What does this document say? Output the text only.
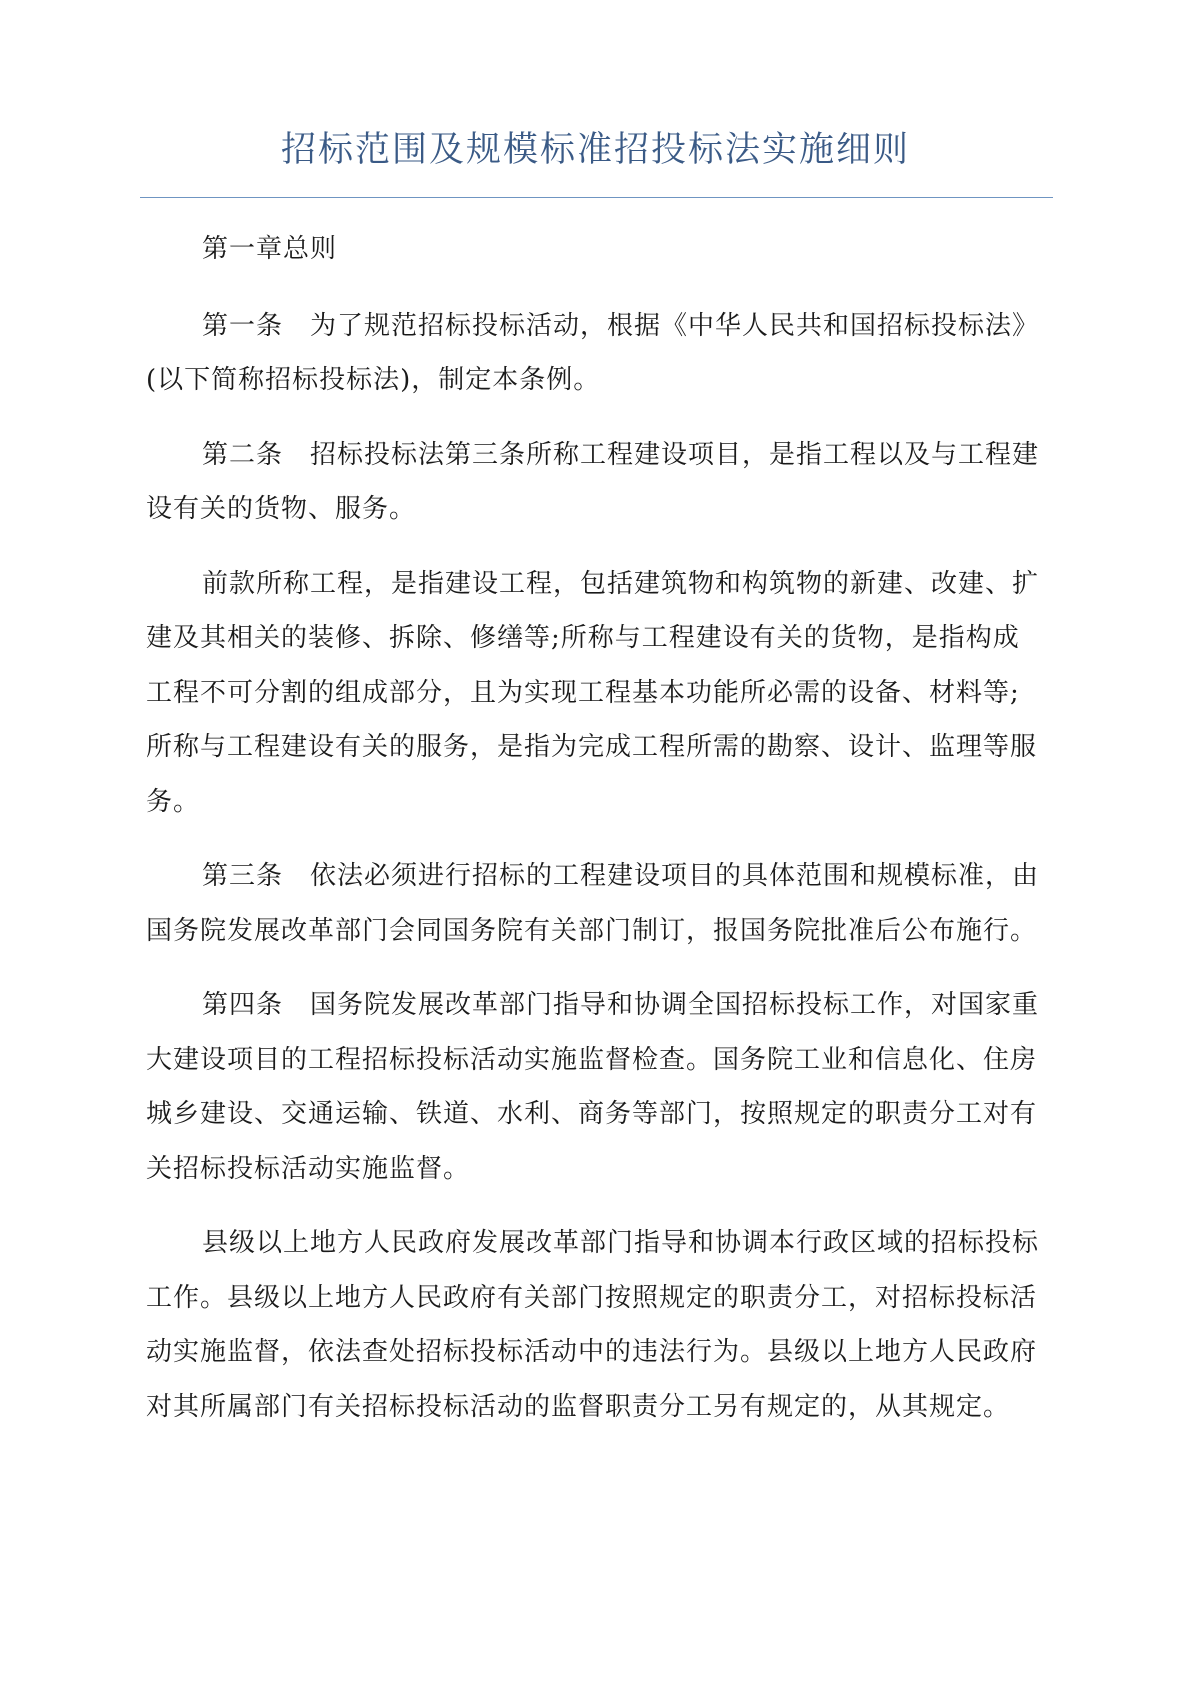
招标范围及规模标准招投标法实施细则

第一章总则

第一条　为了规范招标投标活动，根据《中华人民共和国招标投标法》(以下简称招标投标法)，制定本条例。

第二条　招标投标法第三条所称工程建设项目，是指工程以及与工程建设有关的货物、服务。

前款所称工程，是指建设工程，包括建筑物和构筑物的新建、改建、扩建及其相关的装修、拆除、修缮等;所称与工程建设有关的货物，是指构成工程不可分割的组成部分，且为实现工程基本功能所必需的设备、材料等;所称与工程建设有关的服务，是指为完成工程所需的勘察、设计、监理等服务。

第三条　依法必须进行招标的工程建设项目的具体范围和规模标准，由国务院发展改革部门会同国务院有关部门制订，报国务院批准后公布施行。

第四条　国务院发展改革部门指导和协调全国招标投标工作，对国家重大建设项目的工程招标投标活动实施监督检查。国务院工业和信息化、住房城乡建设、交通运输、铁道、水利、商务等部门，按照规定的职责分工对有关招标投标活动实施监督。

县级以上地方人民政府发展改革部门指导和协调本行政区域的招标投标工作。县级以上地方人民政府有关部门按照规定的职责分工，对招标投标活动实施监督，依法查处招标投标活动中的违法行为。县级以上地方人民政府对其所属部门有关招标投标活动的监督职责分工另有规定的，从其规定。
